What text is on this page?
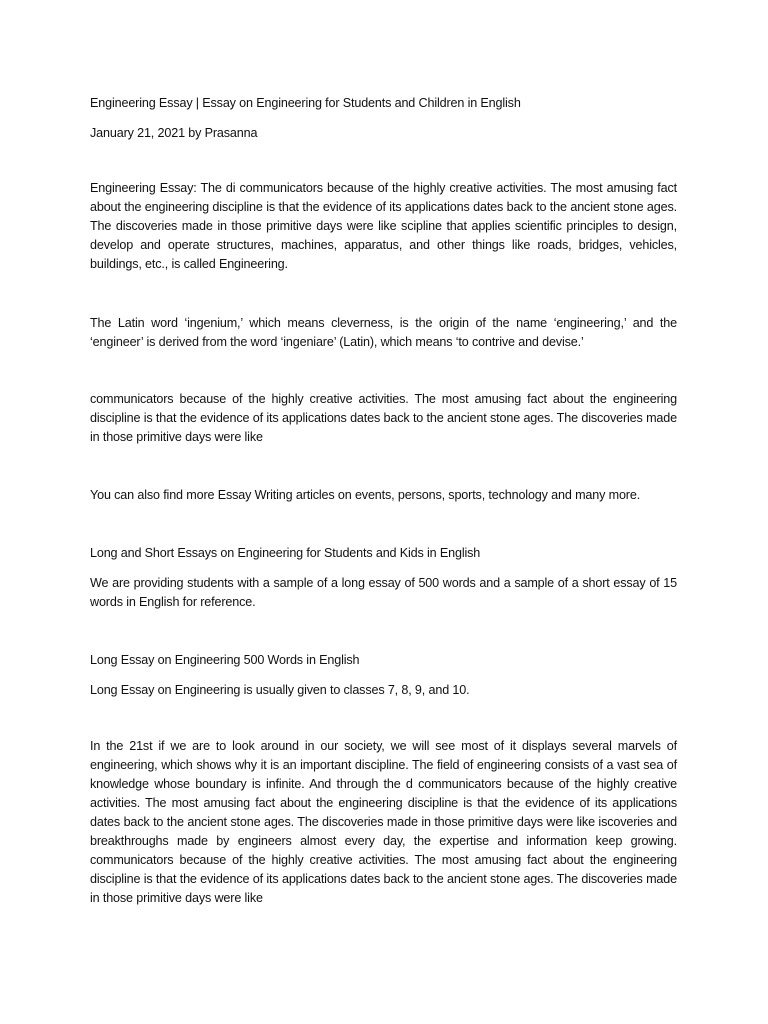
Engineering Essay | Essay on Engineering for Students and Children in English

January 21, 2021 by Prasanna

Engineering Essay: The di communicators because of the highly creative activities. The most amusing fact about the engineering discipline is that the evidence of its applications dates back to the ancient stone ages. The discoveries made in those primitive days were like scipline that applies scientific principles to design, develop and operate structures, machines, apparatus, and other things like roads, bridges, vehicles, buildings, etc., is called Engineering.

The Latin word ‘ingenium,’ which means cleverness, is the origin of the name ‘engineering,’ and the ‘engineer’ is derived from the word ‘ingeniare’ (Latin), which means ‘to contrive and devise.’

communicators because of the highly creative activities. The most amusing fact about the engineering discipline is that the evidence of its applications dates back to the ancient stone ages. The discoveries made in those primitive days were like

You can also find more Essay Writing articles on events, persons, sports, technology and many more.

Long and Short Essays on Engineering for Students and Kids in English

We are providing students with a sample of a long essay of 500 words and a sample of a short essay of 15 words in English for reference.

Long Essay on Engineering 500 Words in English

Long Essay on Engineering is usually given to classes 7, 8, 9, and 10.

In the 21st if we are to look around in our society, we will see most of it displays several marvels of engineering, which shows why it is an important discipline. The field of engineering consists of a vast sea of knowledge whose boundary is infinite. And through the d communicators because of the highly creative activities. The most amusing fact about the engineering discipline is that the evidence of its applications dates back to the ancient stone ages. The discoveries made in those primitive days were like iscoveries and breakthroughs made by engineers almost every day, the expertise and information keep growing. communicators because of the highly creative activities. The most amusing fact about the engineering discipline is that the evidence of its applications dates back to the ancient stone ages. The discoveries made in those primitive days were like
